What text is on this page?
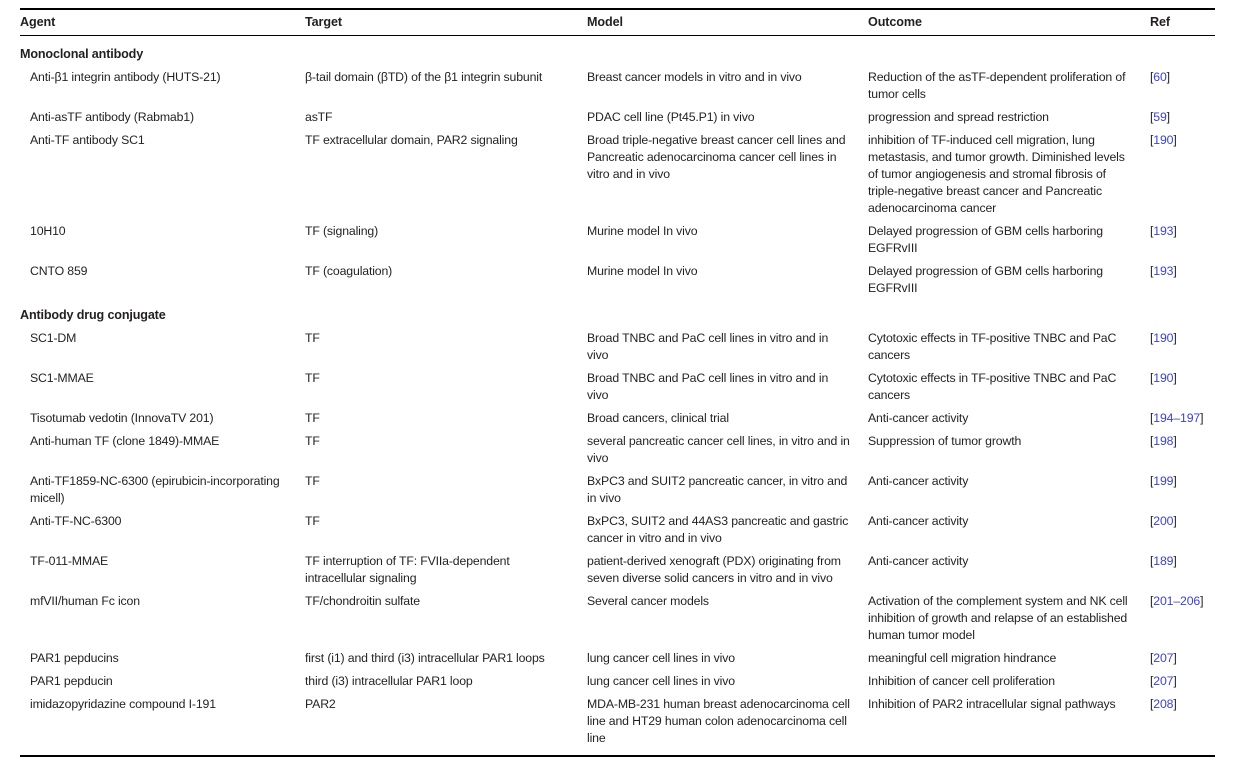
Agent	Target	Model	Outcome	Ref
Monoclonal antibody				
Anti-β1 integrin antibody (HUTS-21)	β-tail domain (βTD) of the β1 integrin subunit	Breast cancer models in vitro and in vivo	Reduction of the asTF-dependent proliferation of tumor cells	[60]
Anti-asTF antibody (Rabmab1)	asTF	PDAC cell line (Pt45.P1) in vivo	progression and spread restriction	[59]
Anti-TF antibody SC1	TF extracellular domain, PAR2 signaling	Broad triple-negative breast cancer cell lines and Pancreatic adenocarcinoma cancer cell lines in vitro and in vivo	inhibition of TF-induced cell migration, lung metastasis, and tumor growth. Diminished levels of tumor angiogenesis and stromal fibrosis of triple-negative breast cancer and Pancreatic adenocarcinoma cancer	[190]
10H10	TF (signaling)	Murine model In vivo	Delayed progression of GBM cells harboring EGFRvIII	[193]
CNTO 859	TF (coagulation)	Murine model In vivo	Delayed progression of GBM cells harboring EGFRvIII	[193]
Antibody drug conjugate				
SC1-DM	TF	Broad TNBC and PaC cell lines in vitro and in vivo	Cytotoxic effects in TF-positive TNBC and PaC cancers	[190]
SC1-MMAE	TF	Broad TNBC and PaC cell lines in vitro and in vivo	Cytotoxic effects in TF-positive TNBC and PaC cancers	[190]
Tisotumab vedotin (InnovaTV 201)	TF	Broad cancers, clinical trial	Anti-cancer activity	[194–197]
Anti-human TF (clone 1849)-MMAE	TF	several pancreatic cancer cell lines, in vitro and in vivo	Suppression of tumor growth	[198]
Anti-TF1859-NC-6300 (epirubicin-incorporating micell)	TF	BxPC3 and SUIT2 pancreatic cancer, in vitro and in vivo	Anti-cancer activity	[199]
Anti-TF-NC-6300	TF	BxPC3, SUIT2 and 44AS3 pancreatic and gastric cancer in vitro and in vivo	Anti-cancer activity	[200]
TF-011-MMAE	TF interruption of TF: FVIIa-dependent intracellular signaling	patient-derived xenograft (PDX) originating from seven diverse solid cancers in vitro and in vivo	Anti-cancer activity	[189]
mfVII/human Fc icon	TF/chondroitin sulfate	Several cancer models	Activation of the complement system and NK cell inhibition of growth and relapse of an established human tumor model	[201–206]
PAR1 pepducins	first (i1) and third (i3) intracellular PAR1 loops	lung cancer cell lines in vivo	meaningful cell migration hindrance	[207]
PAR1 pepducin	third (i3) intracellular PAR1 loop	lung cancer cell lines in vivo	Inhibition of cancer cell proliferation	[207]
imidazopyridazine compound I-191	PAR2	MDA-MB-231 human breast adenocarcinoma cell line and HT29 human colon adenocarcinoma cell line	Inhibition of PAR2 intracellular signal pathways	[208]
